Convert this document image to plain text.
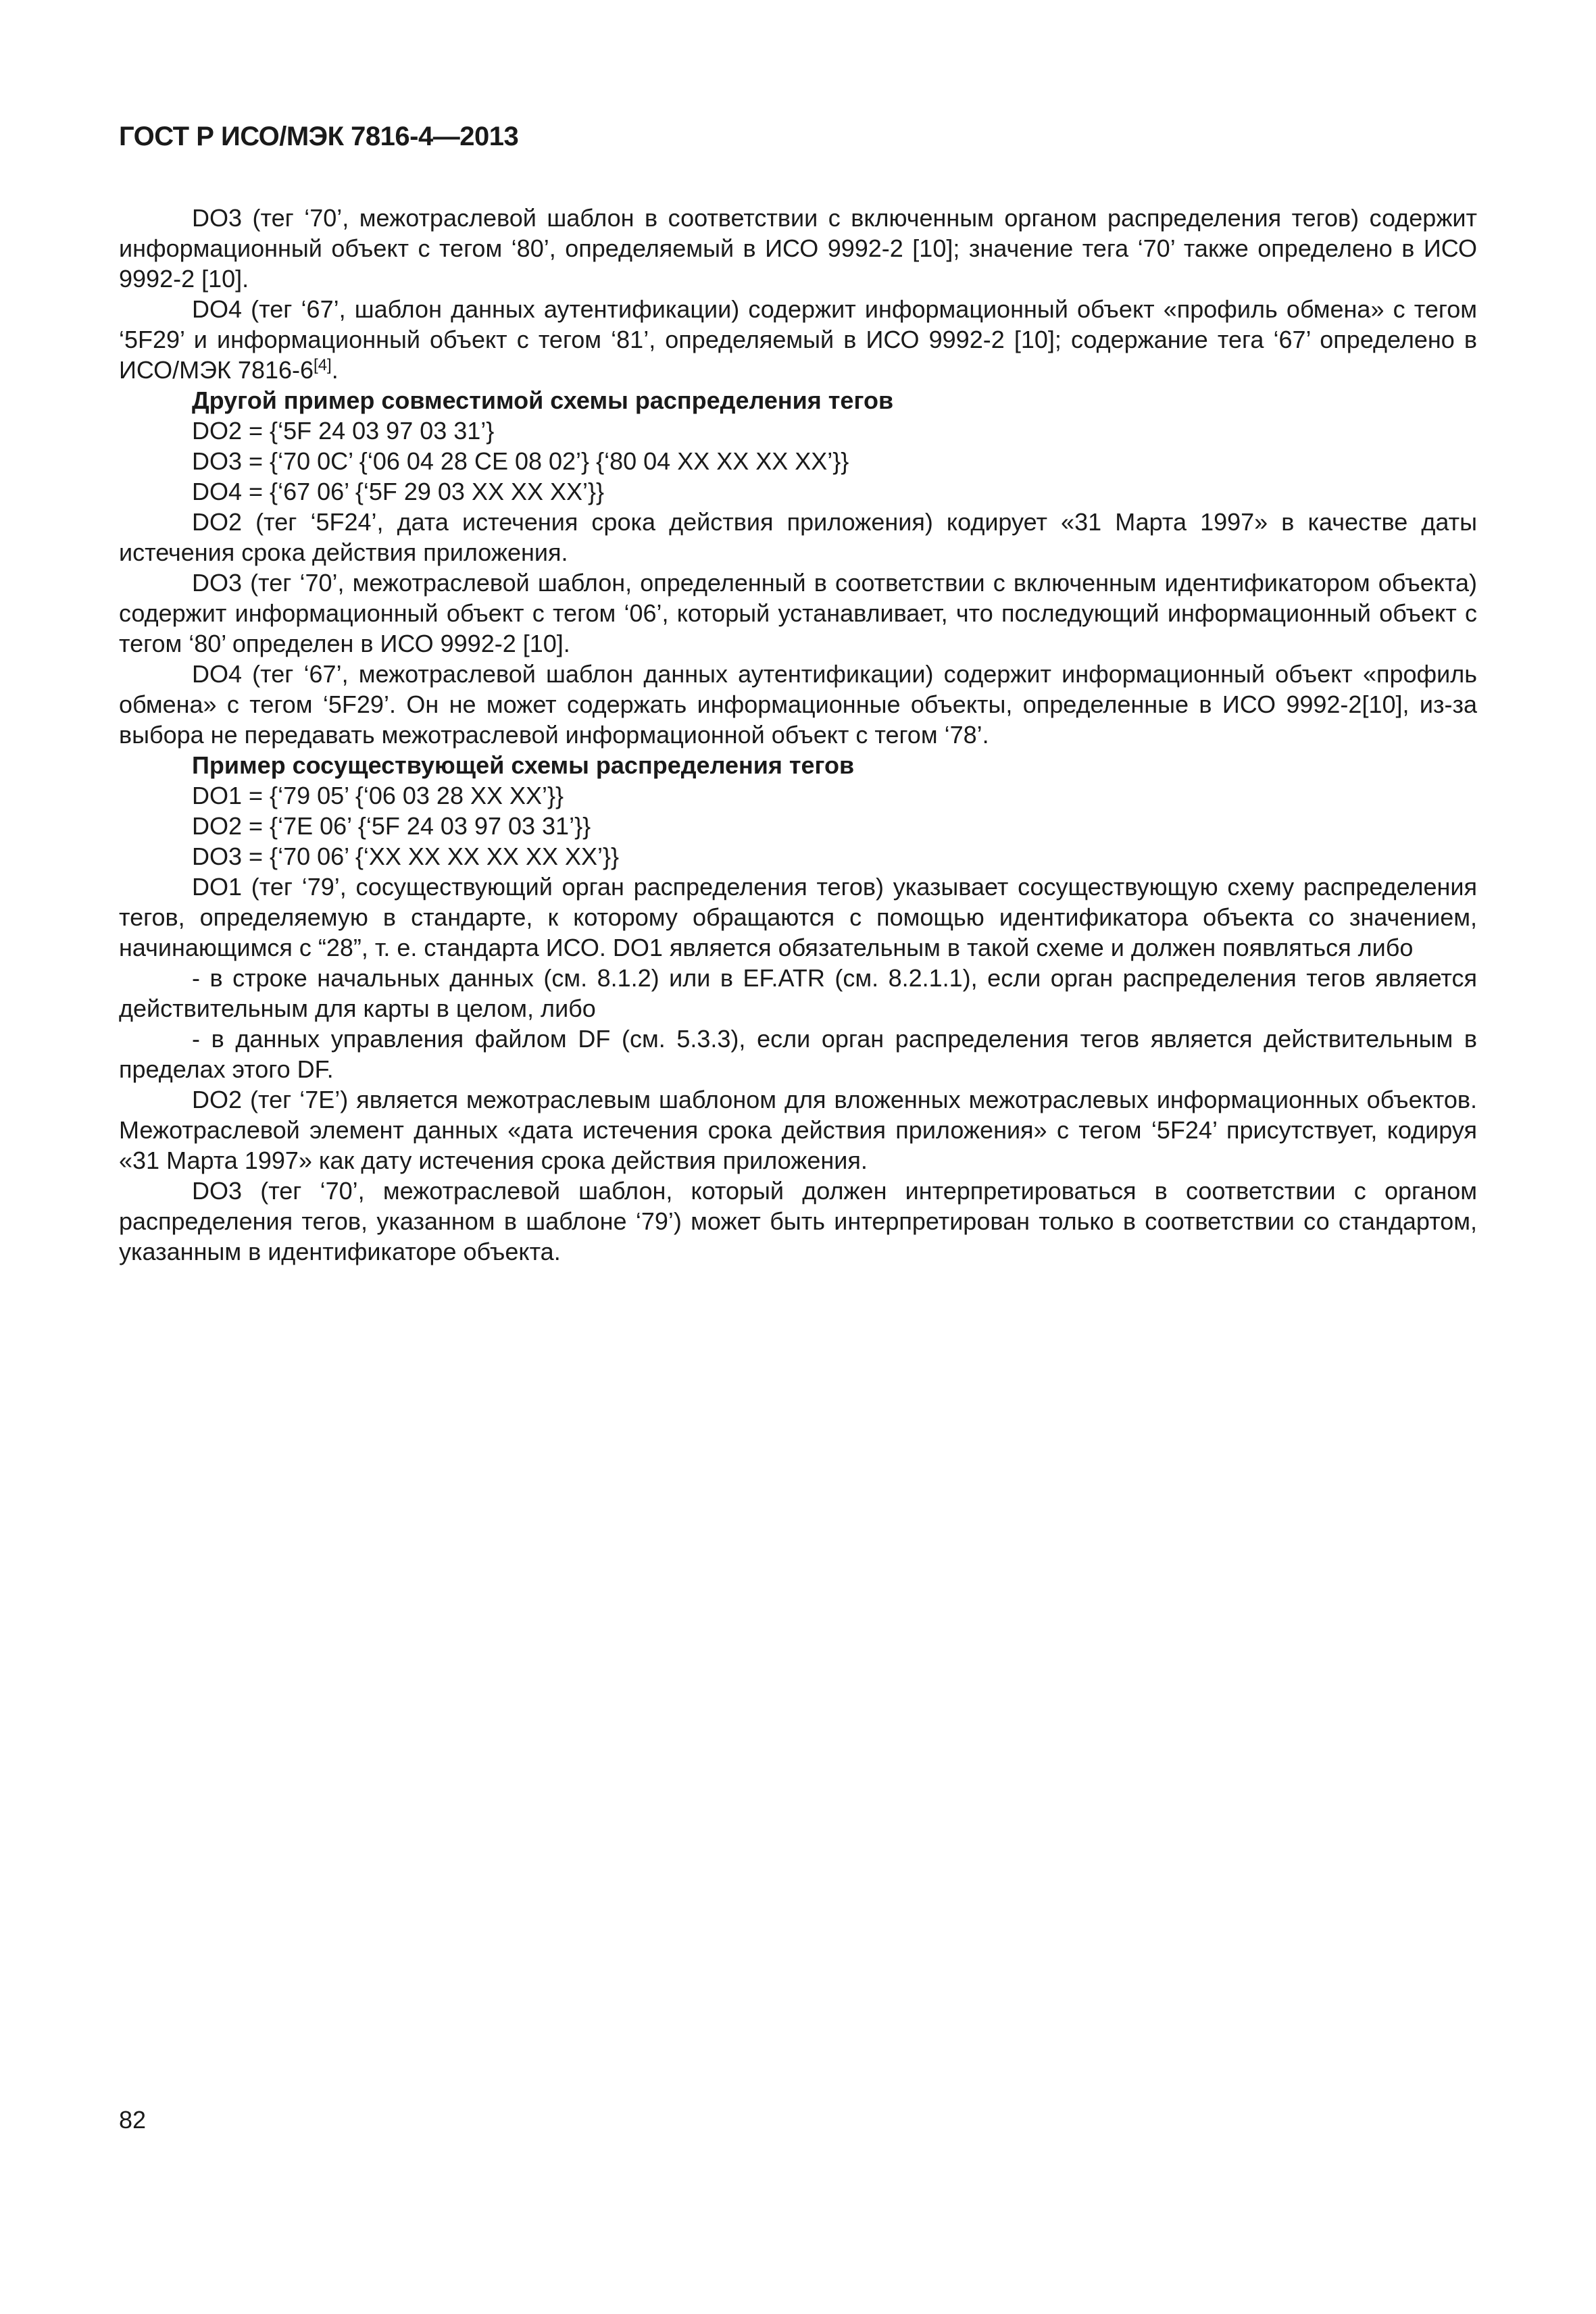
ГОСТ Р ИСО/МЭК 7816-4—2013

DO3 (тег ‘70’, межотраслевой шаблон в соответствии с включенным органом распределения тегов) содержит информационный объект с тегом ‘80’, определяемый в ИСО 9992-2 [10]; значение тега ‘70’ также определено в ИСО 9992-2 [10].

DO4 (тег ‘67’, шаблон данных аутентификации) содержит информационный объект «профиль обмена» с тегом ‘5F29’ и информационный объект с тегом ‘81’, определяемый в ИСО 9992-2 [10]; содержание тега ‘67’ определено в ИСО/МЭК 7816-6[4].

Другой пример совместимой схемы распределения тегов

DO2 = {‘5F 24 03 97 03 31’}

DO3 = {‘70 0C’ {‘06 04 28 CE 08 02’} {‘80 04 XX XX XX XX’}}

DO4 = {‘67 06’ {‘5F 29 03 XX XX XX’}}

DO2 (тег ‘5F24’, дата истечения срока действия приложения) кодирует «31 Марта 1997» в качестве даты истечения срока действия приложения.

DO3 (тег ‘70’, межотраслевой шаблон, определенный в соответствии с включенным идентификатором объекта) содержит информационный объект с тегом ‘06’, который устанавливает, что последующий информационный объект с тегом ‘80’ определен в ИСО 9992-2 [10].

DO4 (тег ‘67’, межотраслевой шаблон данных аутентификации) содержит информационный объект «профиль обмена» с тегом ‘5F29’. Он не может содержать информационные объекты, определенные в ИСО 9992-2[10], из-за выбора не передавать межотраслевой информационной объект с тегом ‘78’.

Пример сосуществующей схемы распределения тегов

DO1 = {‘79 05’ {‘06 03 28 XX XX’}}

DO2 = {‘7E 06’ {‘5F 24 03 97 03 31’}}

DO3 = {‘70 06’ {‘XX XX XX XX XX XX’}}

DO1 (тег ‘79’, сосуществующий орган распределения тегов) указывает сосуществующую схему распределения тегов, определяемую в стандарте, к которому обращаются с помощью идентификатора объекта со значением, начинающимся с “28”, т. е. стандарта ИСО. DO1 является обязательным в такой схеме и должен появляться либо

- в строке начальных данных (см. 8.1.2) или в EF.ATR (см. 8.2.1.1), если орган распределения тегов является действительным для карты в целом, либо

- в данных управления файлом DF (см. 5.3.3), если орган распределения тегов является действительным в пределах этого DF.

DO2 (тег ‘7E’) является межотраслевым шаблоном для вложенных межотраслевых информационных объектов. Межотраслевой элемент данных «дата истечения срока действия приложения» с тегом ‘5F24’ присутствует, кодируя «31 Марта 1997» как дату истечения срока действия приложения.

DO3 (тег ‘70’, межотраслевой шаблон, который должен интерпретироваться в соответствии с органом распределения тегов, указанном в шаблоне ‘79’) может быть интерпретирован только в соответствии со стандартом, указанным в идентификаторе объекта.

82
